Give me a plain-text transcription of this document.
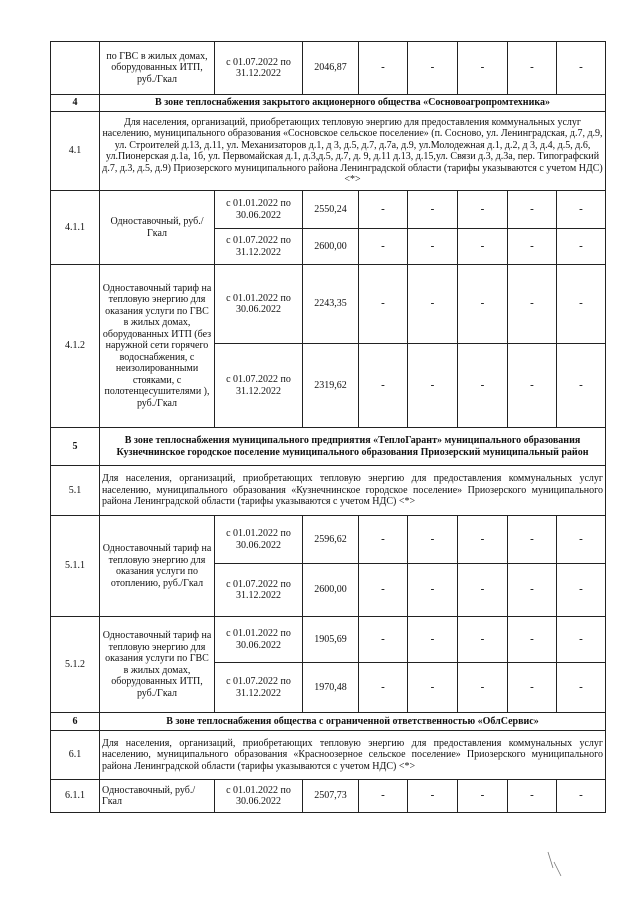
	по ГВС в жилых домах, оборудованных ИТП, руб./Гкал	с 01.07.2022 по 31.12.2022	2046,87	-	-	-	-	-
4	В зоне теплоснабжения закрытого акционерного общества «Сосновоагропромтехника»							
4.1	Для населения, организаций, приобретающих тепловую энергию для предоставления коммунальных услуг населению, муниципального образования «Сосновское сельское поселение» (п. Сосново, ул. Ленинградская, д.7, д.9, ул. Строителей д.13, д.11, ул. Механизаторов д.1, д 3, д.5, д.7, д.7а, д.9, ул.Молодежная д.1, д.2, д 3, д.4, д.5, д.6, ул.Пионерская д.1а, 1б, ул. Первомайская д.1, д.3,д.5, д.7, д. 9, д.11 д.13, д.15,ул. Связи д.3, д.3а, пер. Типографский д.7, д.3, д.5, д.9) Приозерского муниципального района Ленинградской области (тарифы указываются с учетом НДС) <*>							
4.1.1	Одноставочный, руб./Гкал	с 01.01.2022 по 30.06.2022	2550,24	-	-	-	-	-
		с 01.07.2022 по 31.12.2022	2600,00	-	-	-	-	-
4.1.2	Одноставочный тариф на тепловую энергию для оказания услуги по ГВС в жилых домах, оборудованных ИТП (без наружной сети горячего водоснабжения, с неизолированными стояками, с полотенцесушителями ), руб./Гкал	с 01.01.2022 по 30.06.2022	2243,35	-	-	-	-	-
		с 01.07.2022 по 31.12.2022	2319,62	-	-	-	-	-
5	В зоне теплоснабжения муниципального предприятия «ТеплоГарант» муниципального образования Кузнечнинское городское поселение муниципального образования Приозерский муниципальный район							
5.1	Для населения, организаций, приобретающих тепловую энергию для предоставления коммунальных услуг населению, муниципального образования «Кузнечнинское городское поселение» Приозерского муниципального района Ленинградской области (тарифы указываются с учетом НДС) <*>							
5.1.1	Одноставочный тариф на тепловую энергию для оказания услуги по отоплению, руб./Гкал	с 01.01.2022 по 30.06.2022	2596,62	-	-	-	-	-
		с 01.07.2022 по 31.12.2022	2600,00	-	-	-	-	-
5.1.2	Одноставочный тариф на тепловую энергию для оказания услуги по ГВС в жилых домах, оборудованных ИТП, руб./Гкал	с 01.01.2022 по 30.06.2022	1905,69	-	-	-	-	-
		с 01.07.2022 по 31.12.2022	1970,48	-	-	-	-	-
6	В зоне теплоснабжения общества с ограниченной ответственностью «ОблСервис»							
6.1	Для населения, организаций, приобретающих тепловую энергию для предоставления коммунальных услуг населению, муниципального образования «Красноозерное сельское поселение» Приозерского муниципального района Ленинградской области (тарифы указываются с учетом НДС) <*>							
6.1.1	Одноставочный, руб./Гкал	с 01.01.2022 по 30.06.2022	2507,73	-	-	-	-	-
